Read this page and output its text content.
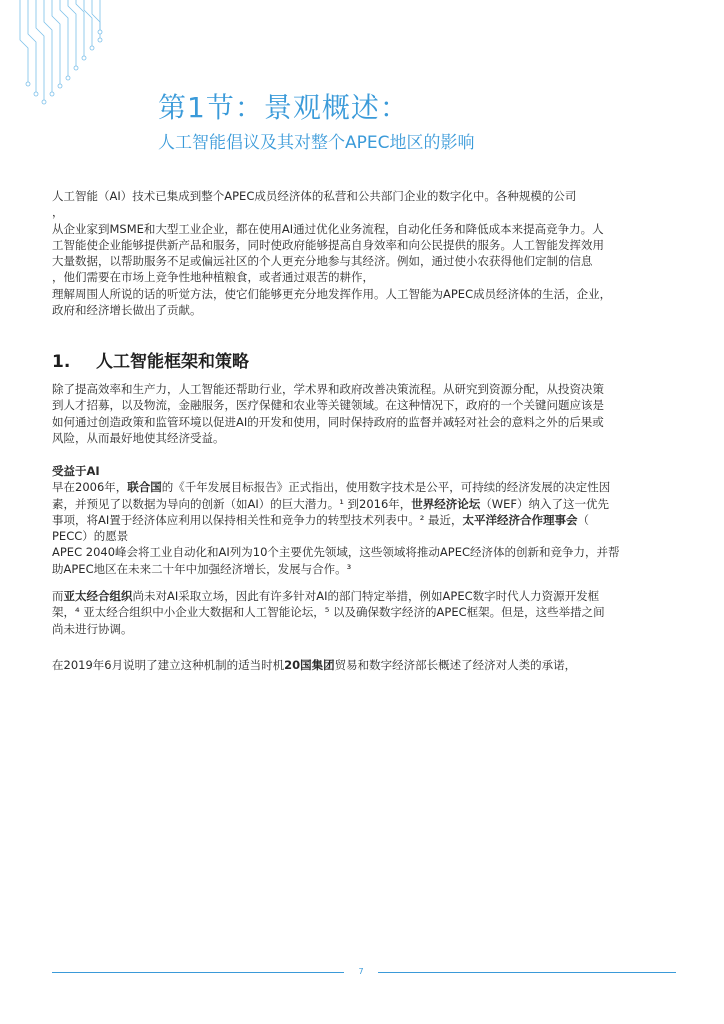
第1节：景观概述：
人工智能倡议及其对整个APEC地区的影响

人工智能（AI）技术已集成到整个APEC成员经济体的私营和公共部门企业的数字化中。各种规模的公司

，

从企业家到MSME和大型工业企业，都在使用AI通过优化业务流程，自动化任务和降低成本来提高竞争力。人

工智能使企业能够提供新产品和服务，同时使政府能够提高自身效率和向公民提供的服务。人工智能发挥效用

大量数据，以帮助服务不足或偏远社区的个人更充分地参与其经济。例如，通过使小农获得他们定制的信息

，他们需要在市场上竞争性地种植粮食，或者通过艰苦的耕作，

理解周围人所说的话的听觉方法，使它们能够更充分地发挥作用。人工智能为APEC成员经济体的生活，企业，

政府和经济增长做出了贡献。

1. 人工智能框架和策略

除了提高效率和生产力，人工智能还帮助行业，学术界和政府改善决策流程。从研究到资源分配，从投资决策

到人才招募，以及物流，金融服务，医疗保健和农业等关键领域。在这种情况下，政府的一个关键问题应该是

如何通过创造政策和监管环境以促进AI的开发和使用，同时保持政府的监督并减轻对社会的意料之外的后果或

风险，从而最好地使其经济受益。

受益于AI

早在2006年，联合国的《千年发展目标报告》正式指出，使用数字技术是公平，可持续的经济发展的决定性因

素，并预见了以数据为导向的创新（如AI）的巨大潜力。¹ 到2016年，世界经济论坛（WEF）纳入了这一优先

事项，将AI置于经济体应利用以保持相关性和竞争力的转型技术列表中。² 最近，太平洋经济合作理事会（

PECC）的愿景

APEC 2040峰会将工业自动化和AI列为10个主要优先领域，这些领域将推动APEC经济体的创新和竞争力，并帮

助APEC地区在未来二十年中加强经济增长，发展与合作。³

而亚太经合组织尚未对AI采取立场，因此有许多针对AI的部门特定举措，例如APEC数字时代人力资源开发框

架，⁴ 亚太经合组织中小企业大数据和人工智能论坛，⁵ 以及确保数字经济的APEC框架。但是，这些举措之间

尚未进行协调。

在2019年6月说明了建立这种机制的适当时机20国集团贸易和数字经济部长概述了经济对人类的承诺，

7
